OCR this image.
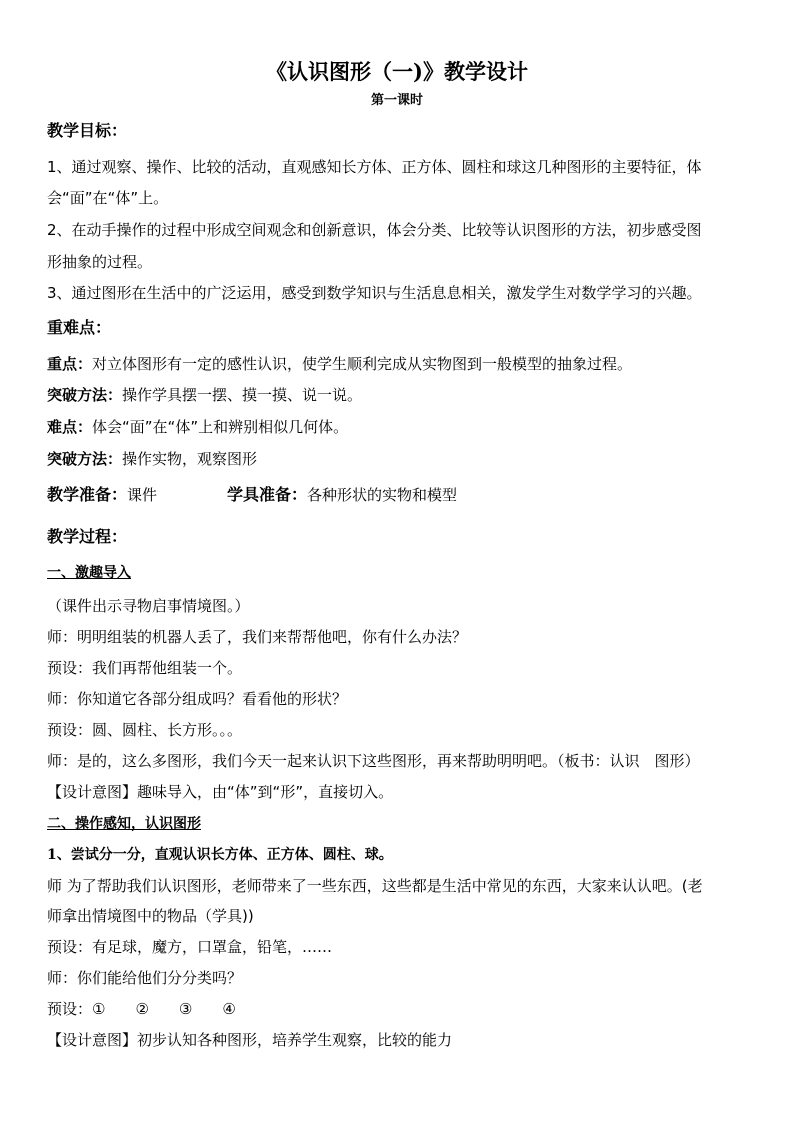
《认识图形（一)》教学设计
第一课时
教学目标：
1、通过观察、操作、比较的活动，直观感知长方体、正方体、圆柱和球这几种图形的主要特征，体
会“面”在“体”上。
2、在动手操作的过程中形成空间观念和创新意识，体会分类、比较等认识图形的方法，初步感受图
形抽象的过程。
3、通过图形在生活中的广泛运用，感受到数学知识与生活息息相关，激发学生对数学学习的兴趣。
重难点：
重点：对立体图形有一定的感性认识，使学生顺利完成从实物图到一般模型的抽象过程。
突破方法：操作学具摆一摆、摸一摸、说一说。
难点：体会“面”在“体”上和辨别相似几何体。
突破方法：操作实物，观察图形
教学准备：课件	学具准备：各种形状的实物和模型
教学过程：
一、激趣导入
（课件出示寻物启事情境图。）
师：明明组装的机器人丢了，我们来帮帮他吧，你有什么办法？
预设：我们再帮他组装一个。
师：你知道它各部分组成吗？看看他的形状？
预设：圆、圆柱、长方形。。。
师：是的，这么多图形，我们今天一起来认识下这些图形，再来帮助明明吧。（板书：认识　图形）
【设计意图】趣味导入，由“体”到“形”，直接切入。
二、操作感知，认识图形
1、尝试分一分，直观认识长方体、正方体、圆柱、球。
师 为了帮助我们认识图形，老师带来了一些东西，这些都是生活中常见的东西，大家来认认吧。(老
师拿出情境图中的物品（学具))
预设：有足球，魔方，口罩盒，铅笔，……
师：你们能给他们分分类吗？
预设：①　　②　　③　　④
【设计意图】初步认知各种图形，培养学生观察，比较的能力
